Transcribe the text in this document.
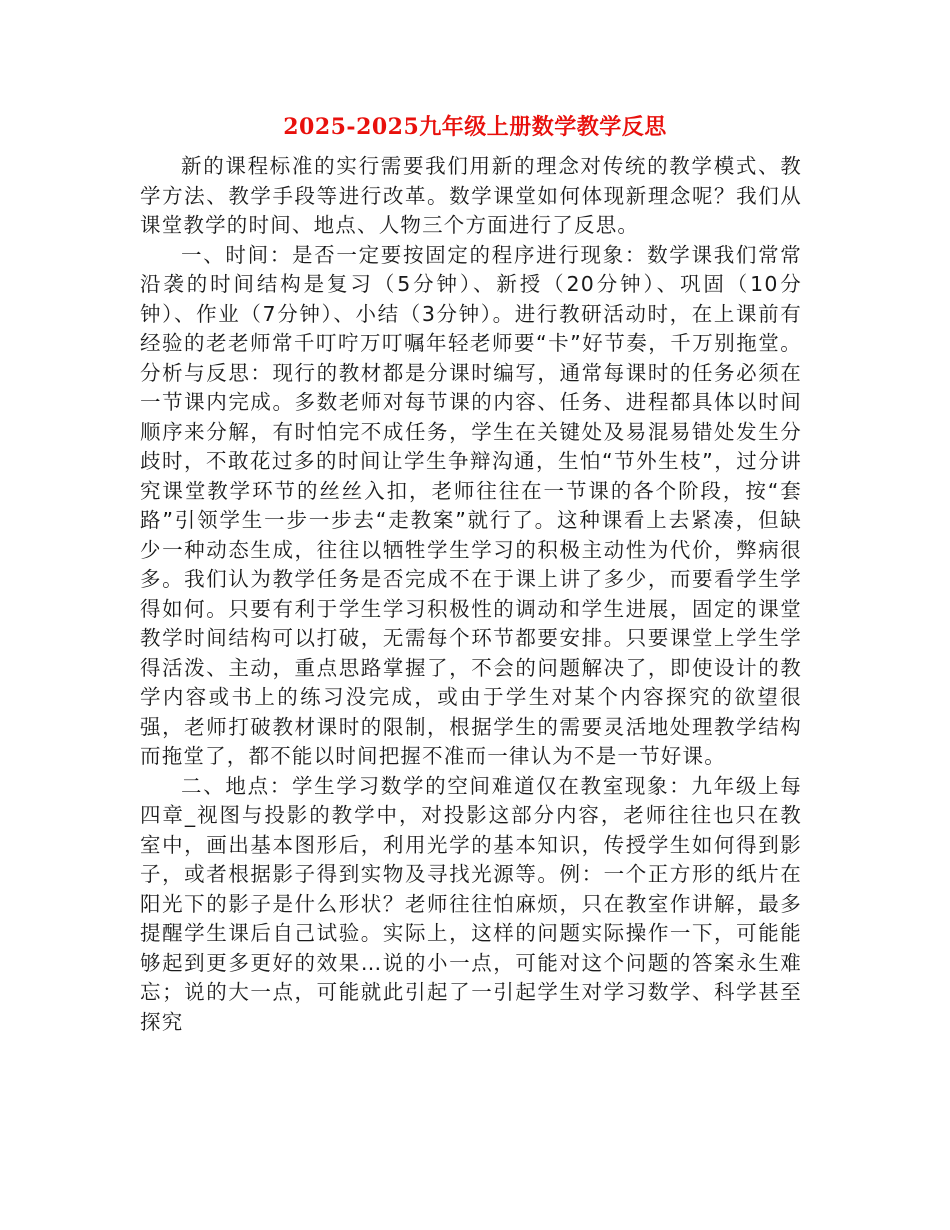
2025-2025九年级上册数学教学反思

新的课程标准的实行需要我们用新的理念对传统的教学模式、教学方法、教学手段等进行改革。数学课堂如何体现新理念呢？我们从课堂教学的时间、地点、人物三个方面进行了反思。

一、时间：是否一定要按固定的程序进行现象：数学课我们常常沿袭的时间结构是复习（5分钟）、新授（20分钟）、巩固（10分钟）、作业（7分钟）、小结（3分钟）。进行教研活动时，在上课前有经验的老老师常千叮咛万叮嘱年轻老师要“卡”好节奏，千万别拖堂。分析与反思：现行的教材都是分课时编写，通常每课时的任务必须在一节课内完成。多数老师对每节课的内容、任务、进程都具体以时间顺序来分解，有时怕完不成任务，学生在关键处及易混易错处发生分歧时，不敢花过多的时间让学生争辩沟通，生怕“节外生枝”，过分讲究课堂教学环节的丝丝入扣，老师往往在一节课的各个阶段，按“套路”引领学生一步一步去“走教案”就行了。这种课看上去紧凑，但缺少一种动态生成，往往以牺牲学生学习的积极主动性为代价，弊病很多。我们认为教学任务是否完成不在于课上讲了多少，而要看学生学得如何。只要有利于学生学习积极性的调动和学生进展，固定的课堂教学时间结构可以打破，无需每个环节都要安排。只要课堂上学生学得活泼、主动，重点思路掌握了，不会的问题解决了，即使设计的教学内容或书上的练习没完成，或由于学生对某个内容探究的欲望很强，老师打破教材课时的限制，根据学生的需要灵活地处理教学结构而拖堂了，都不能以时间把握不准而一律认为不是一节好课。

二、地点：学生学习数学的空间难道仅在教室现象：九年级上每四章_视图与投影的教学中，对投影这部分内容，老师往往也只在教室中，画出基本图形后，利用光学的基本知识，传授学生如何得到影子，或者根据影子得到实物及寻找光源等。例：一个正方形的纸片在阳光下的影子是什么形状？老师往往怕麻烦，只在教室作讲解，最多提醒学生课后自己试验。实际上，这样的问题实际操作一下，可能能够起到更多更好的效果…说的小一点，可能对这个问题的答案永生难忘；说的大一点，可能就此引起了一引起学生对学习数学、科学甚至探究
